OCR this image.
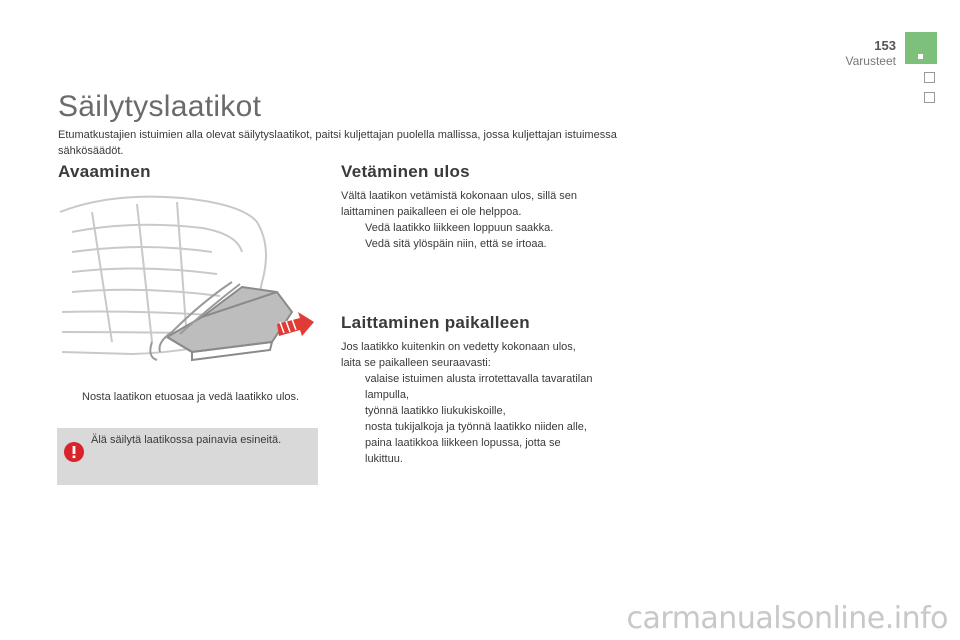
153
Varusteet
Säilytyslaatikot
Etumatkustajien istuimien alla olevat säilytyslaatikot, paitsi kuljettajan puolella mallissa, jossa kuljettajan istuimessa sähkösäädöt.
Avaaminen
Nosta laatikon etuosaa ja vedä laatikko ulos.
Älä säilytä laatikossa painavia esineitä.
Vetäminen ulos
Vältä laatikon vetämistä kokonaan ulos, sillä sen laittaminen paikalleen ei ole helppoa.
Vedä laatikko liikkeen loppuun saakka.
Vedä sitä ylöspäin niin, että se irtoaa.
Laittaminen paikalleen
Jos laatikko kuitenkin on vedetty kokonaan ulos, laita se paikalleen seuraavasti:
valaise istuimen alusta irrotettavalla tavaratilan lampulla,
työnnä laatikko liukukiskoille,
nosta tukijalkoja ja työnnä laatikko niiden alle,
paina laatikkoa liikkeen lopussa, jotta se lukittuu.
carmanualsonline.info
